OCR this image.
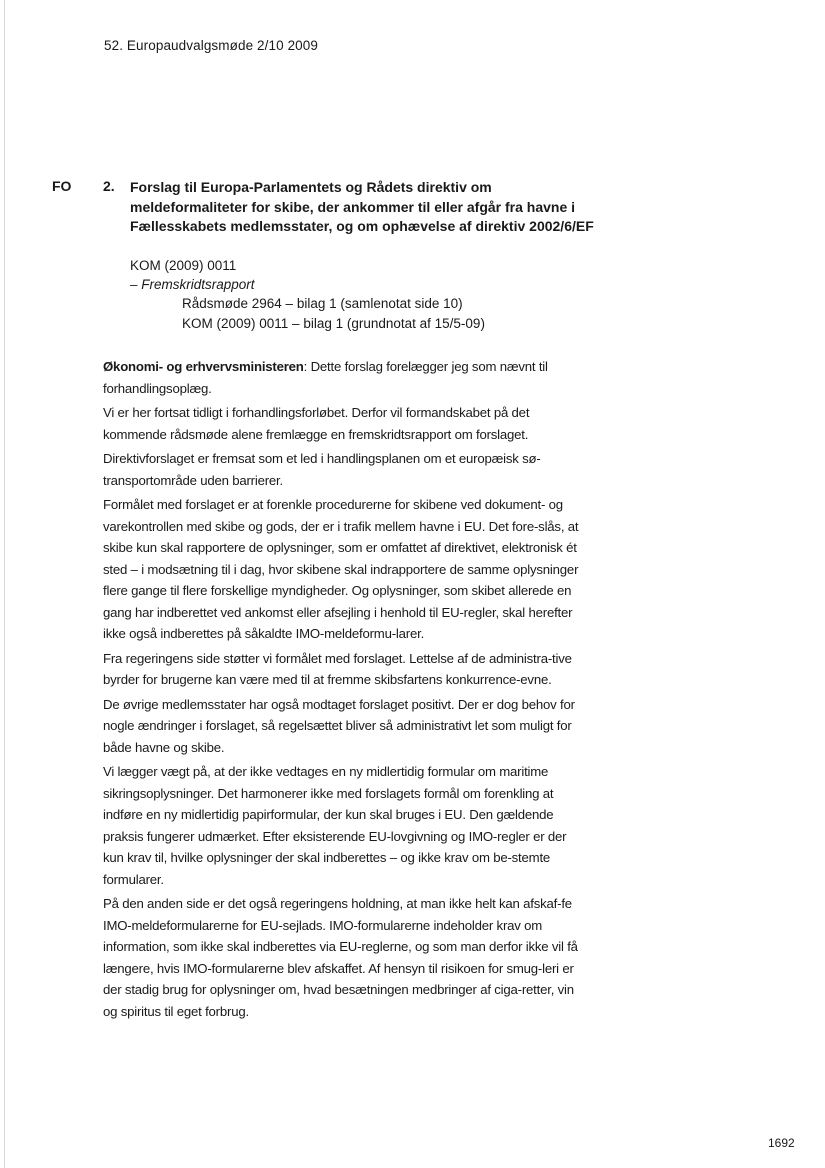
52. Europaudvalgsmøde 2/10 2009
FO 2. Forslag til Europa-Parlamentets og Rådets direktiv om meldeformaliteter for skibe, der ankommer til eller afgår fra havne i Fællesskabets medlemsstater, og om ophævelse af direktiv 2002/6/EF
KOM (2009) 0011
– Fremskridtsrapport
Rådsmøde 2964 – bilag 1 (samlenotat side 10)
KOM (2009) 0011 – bilag 1 (grundnotat af 15/5-09)

Økonomi- og erhvervsministeren: Dette forslag forelægger jeg som nævnt til forhandlingsoplæg.

Vi er her fortsat tidligt i forhandlingsforløbet. Derfor vil formandskabet på det kommende rådsmøde alene fremlægge en fremskridtsrapport om forslaget.

Direktivforslaget er fremsat som et led i handlingsplanen om et europæisk sø-transportområde uden barrierer.

Formålet med forslaget er at forenkle procedurerne for skibene ved dokument- og varekontrollen med skibe og gods, der er i trafik mellem havne i EU. Det fore-slås, at skibe kun skal rapportere de oplysninger, som er omfattet af direktivet, elektronisk ét sted – i modsætning til i dag, hvor skibene skal indrapportere de samme oplysninger flere gange til flere forskellige myndigheder. Og oplysninger, som skibet allerede en gang har indberettet ved ankomst eller afsejling i henhold til EU-regler, skal herefter ikke også indberettes på såkaldte IMO-meldeformu-larer.

Fra regeringens side støtter vi formålet med forslaget. Lettelse af de administra-tive byrder for brugerne kan være med til at fremme skibsfartens konkurrence-evne.

De øvrige medlemsstater har også modtaget forslaget positivt. Der er dog behov for nogle ændringer i forslaget, så regelsættet bliver så administrativt let som muligt for både havne og skibe.

Vi lægger vægt på, at der ikke vedtages en ny midlertidig formular om maritime sikringsoplysninger. Det harmonerer ikke med forslagets formål om forenkling at indføre en ny midlertidig papirformular, der kun skal bruges i EU. Den gældende praksis fungerer udmærket. Efter eksisterende EU-lovgivning og IMO-regler er der kun krav til, hvilke oplysninger der skal indberettes – og ikke krav om be-stemte formularer.

På den anden side er det også regeringens holdning, at man ikke helt kan afskaf-fe IMO-meldeformularerne for EU-sejlads. IMO-formularerne indeholder krav om information, som ikke skal indberettes via EU-reglerne, og som man derfor ikke vil få længere, hvis IMO-formularerne blev afskaffet. Af hensyn til risikoen for smug-leri er der stadig brug for oplysninger om, hvad besætningen medbringer af ciga-retter, vin og spiritus til eget forbrug.

1692
